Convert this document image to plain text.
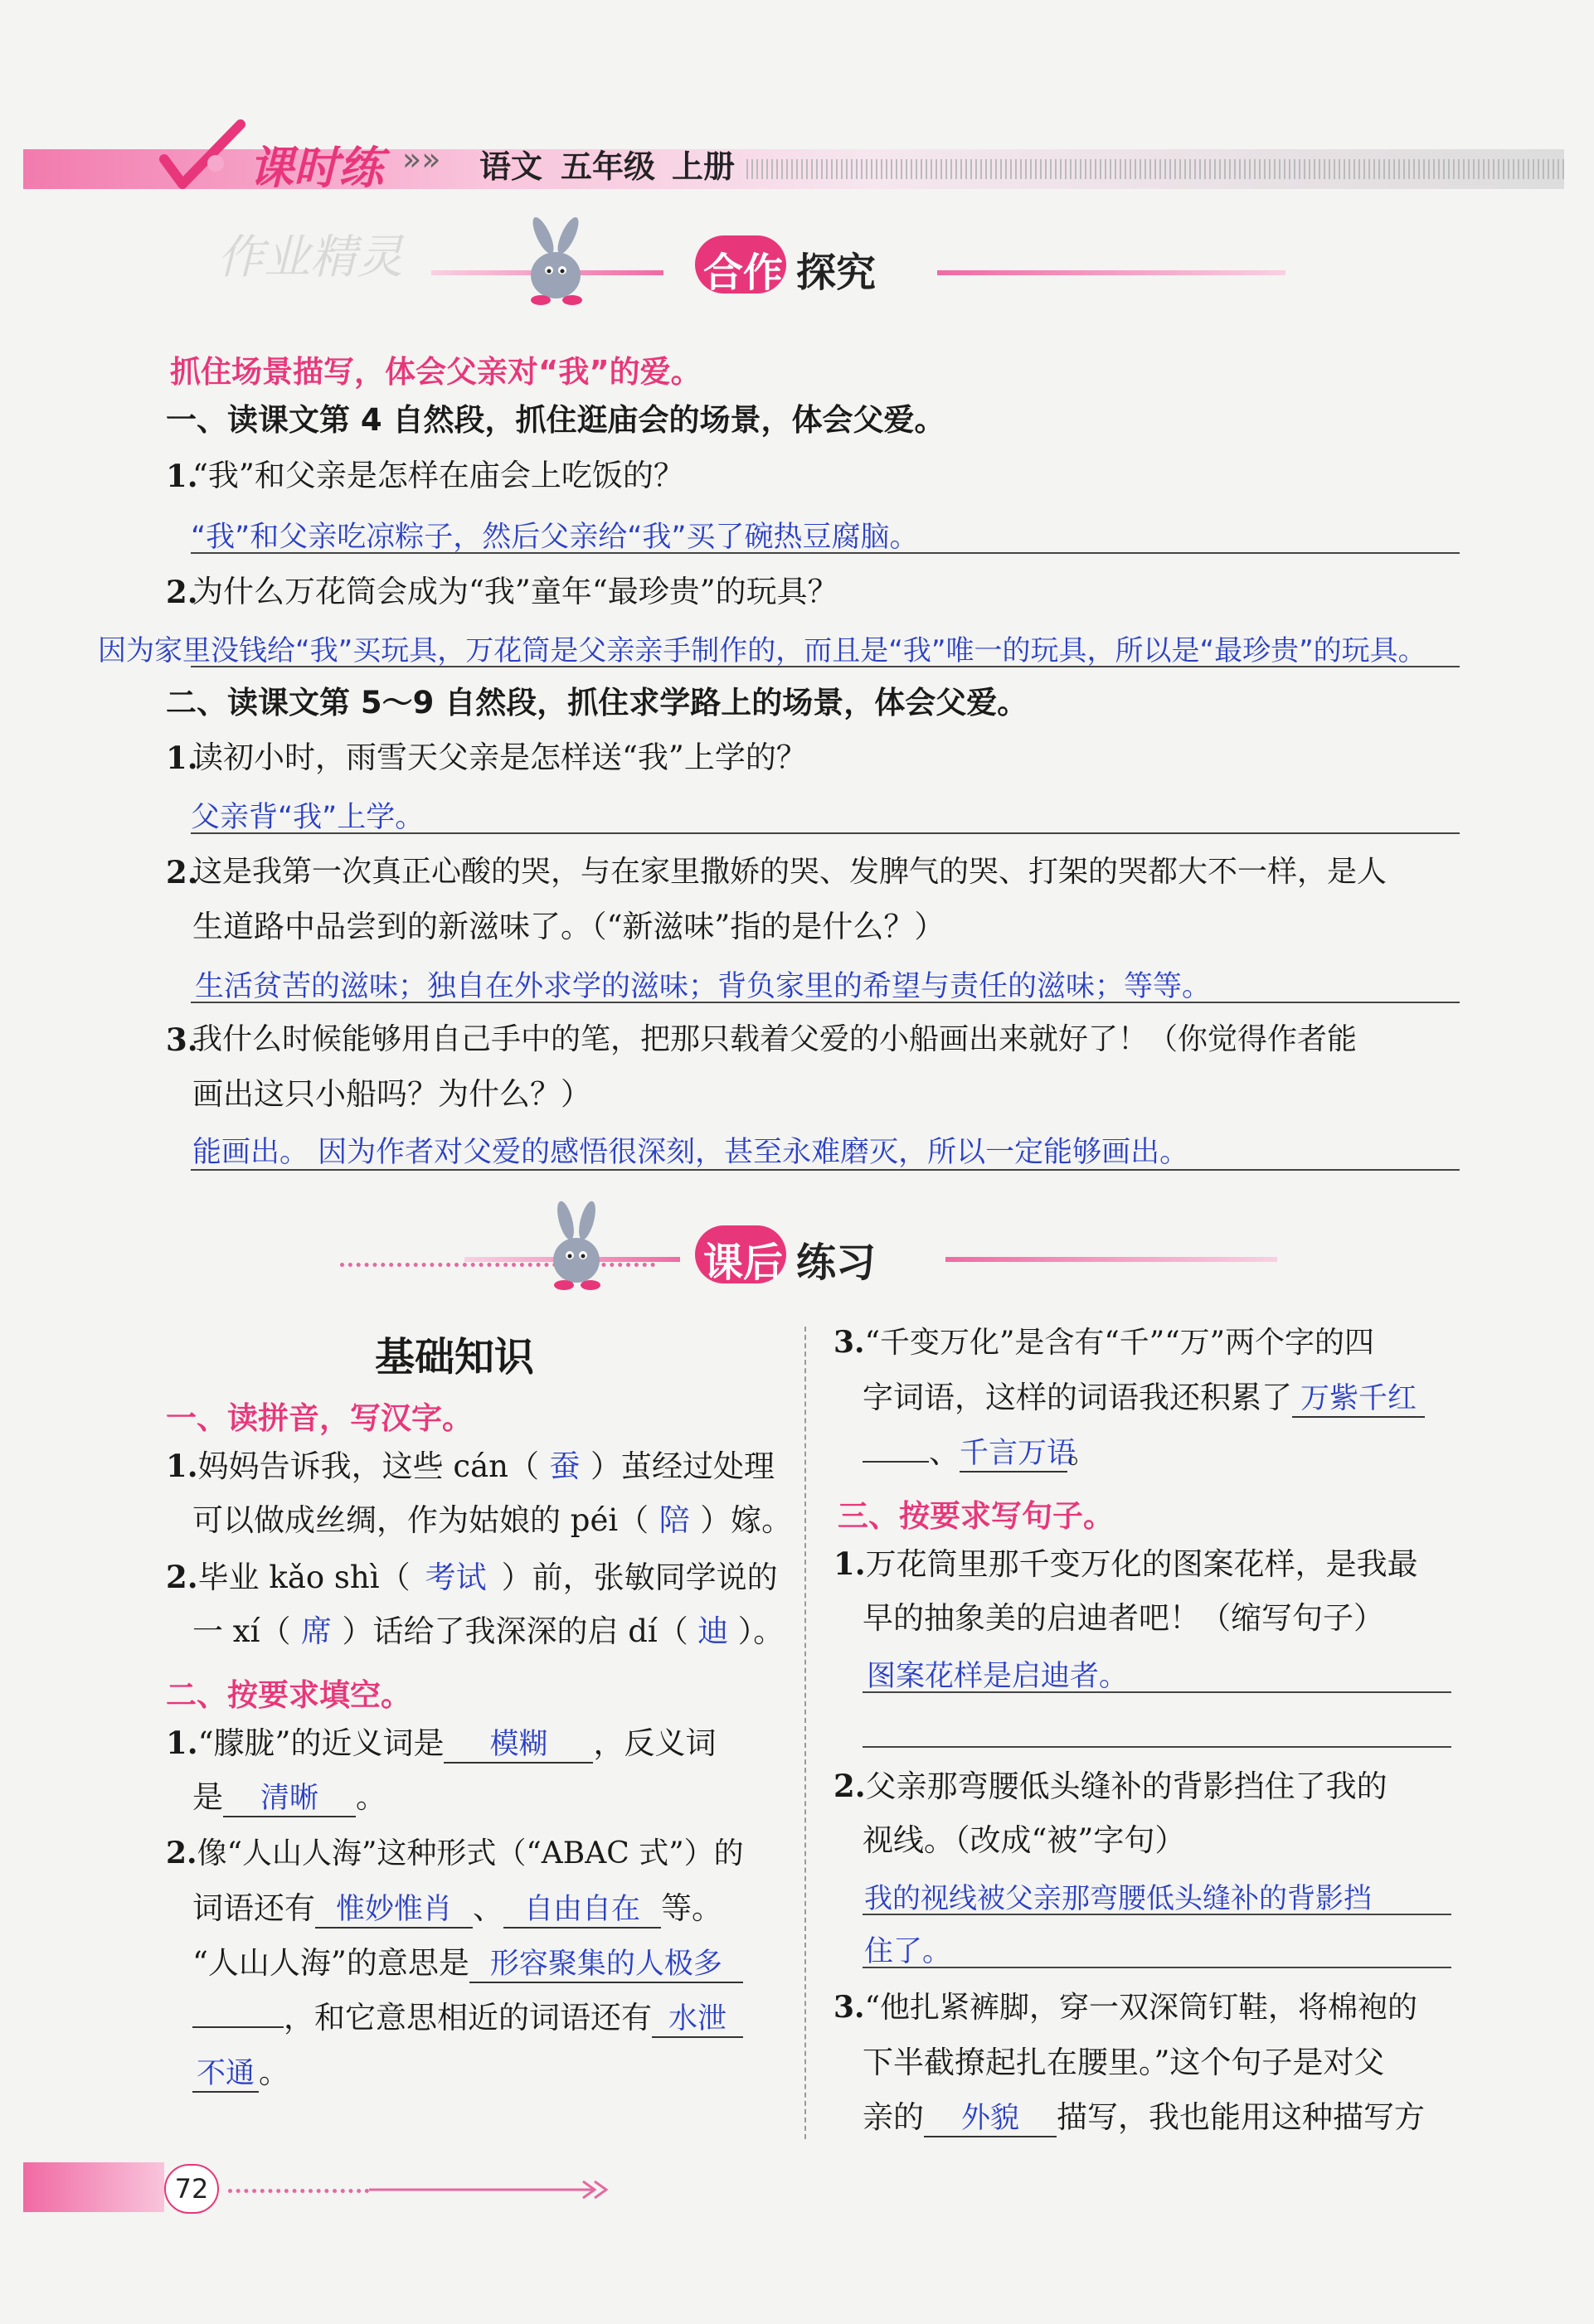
课时练 »» 语文 五年级 上册
作业精灵	合作 探究
抓住场景描写，体会父亲对“我”的爱。
一、读课文第 4 自然段，抓住逛庙会的场景，体会父爱。
1.
“我”和父亲是怎样在庙会上吃饭的？
“我”和父亲吃凉粽子，然后父亲给“我”买了碗热豆腐脑。
2.
为什么万花筒会成为“我”童年“最珍贵”的玩具？
因为家里没钱给“我”买玩具，万花筒是父亲亲手制作的，而且是“我”唯一的玩具，所以是“最珍贵”的玩具。
二、读课文第 5～9 自然段，抓住求学路上的场景，体会父爱。
1.
读初小时，雨雪天父亲是怎样送“我”上学的？
父亲背“我”上学。
2.
这是我第一次真正心酸的哭，与在家里撒娇的哭、发脾气的哭、打架的哭都大不一样，是人
生道路中品尝到的新滋味了。（“新滋味”指的是什么？）
生活贫苦的滋味；独自在外求学的滋味；背负家里的希望与责任的滋味；等等。
3.
我什么时候能够用自己手中的笔，把那只载着父爱的小船画出来就好了！（你觉得作者能
画出这只小船吗？为什么？）
能画出。 因为作者对父爱的感悟很深刻，甚至永难磨灭，所以一定能够画出。
课后 练习
基础知识
一、读拼音，写汉字。
1.妈妈告诉我，这些 cán（ 蚕 ）茧经过处理
可以做成丝绸，作为姑娘的 péi（ 陪 ）嫁。
2.毕业 kǎo shì（ 考试 ）前，张敏同学说的
一 xí（ 席 ）话给了我深深的启 dí（ 迪 ）。
二、按要求填空。
1.“朦胧”的近义词是 模糊 ，反义词
是 清晰 。
2.像“人山人海”这种形式（“ABAC 式”）的
词语还有 惟妙惟肖 、 自由自在 等。
“人山人海”的意思是 形容聚集的人极多
，和它意思相近的词语还有 水泄
不通 。
3.“千变万化”是含有“千”“万”两个字的四
字词语，这样的词语我还积累了 万紫千红
、千言万语。
三、按要求写句子。
1.万花筒里那千变万化的图案花样，是我最
早的抽象美的启迪者吧！（缩写句子）
图案花样是启迪者。
2.父亲那弯腰低头缝补的背影挡住了我的
视线。（改成“被”字句）
我的视线被父亲那弯腰低头缝补的背影挡
住了。
3.“他扎紧裤脚，穿一双深筒钉鞋，将棉袍的
下半截撩起扎在腰里。”这个句子是对父
亲的 外貌 描写，我也能用这种描写方
72
